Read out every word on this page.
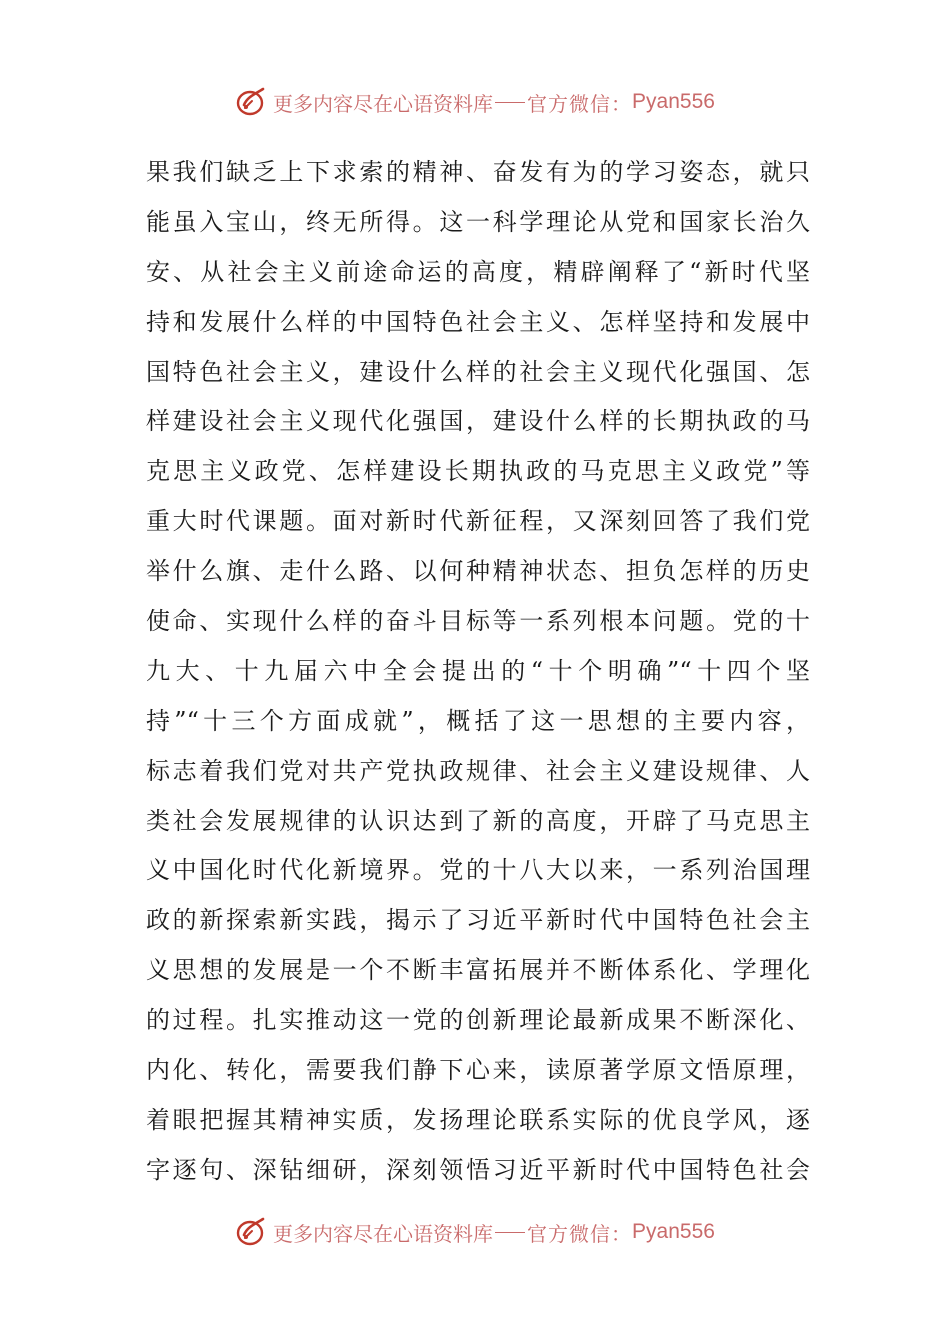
更多内容尽在心语资料库 官方微信： Pyan556
果我们缺乏上下求索的精神、奋发有为的学习姿态，就只
能虽入宝山，终无所得。这一科学理论从党和国家长治久
安、从社会主义前途命运的高度，精辟阐释了“新时代坚
持和发展什么样的中国特色社会主义、怎样坚持和发展中
国特色社会主义，建设什么样的社会主义现代化强国、怎
样建设社会主义现代化强国，建设什么样的长期执政的马
克思主义政党、怎样建设长期执政的马克思主义政党”等
重大时代课题。面对新时代新征程，又深刻回答了我们党
举什么旗、走什么路、以何种精神状态、担负怎样的历史
使命、实现什么样的奋斗目标等一系列根本问题。党的十
九大、十九届六中全会提出的“十个明确”“十四个坚
持”“十三个方面成就”，概括了这一思想的主要内容，
标志着我们党对共产党执政规律、社会主义建设规律、人
类社会发展规律的认识达到了新的高度，开辟了马克思主
义中国化时代化新境界。党的十八大以来，一系列治国理
政的新探索新实践，揭示了习近平新时代中国特色社会主
义思想的发展是一个不断丰富拓展并不断体系化、学理化
的过程。扎实推动这一党的创新理论最新成果不断深化、
内化、转化，需要我们静下心来，读原著学原文悟原理，
着眼把握其精神实质，发扬理论联系实际的优良学风，逐
字逐句、深钻细研，深刻领悟习近平新时代中国特色社会
更多内容尽在心语资料库 官方微信： Pyan556
